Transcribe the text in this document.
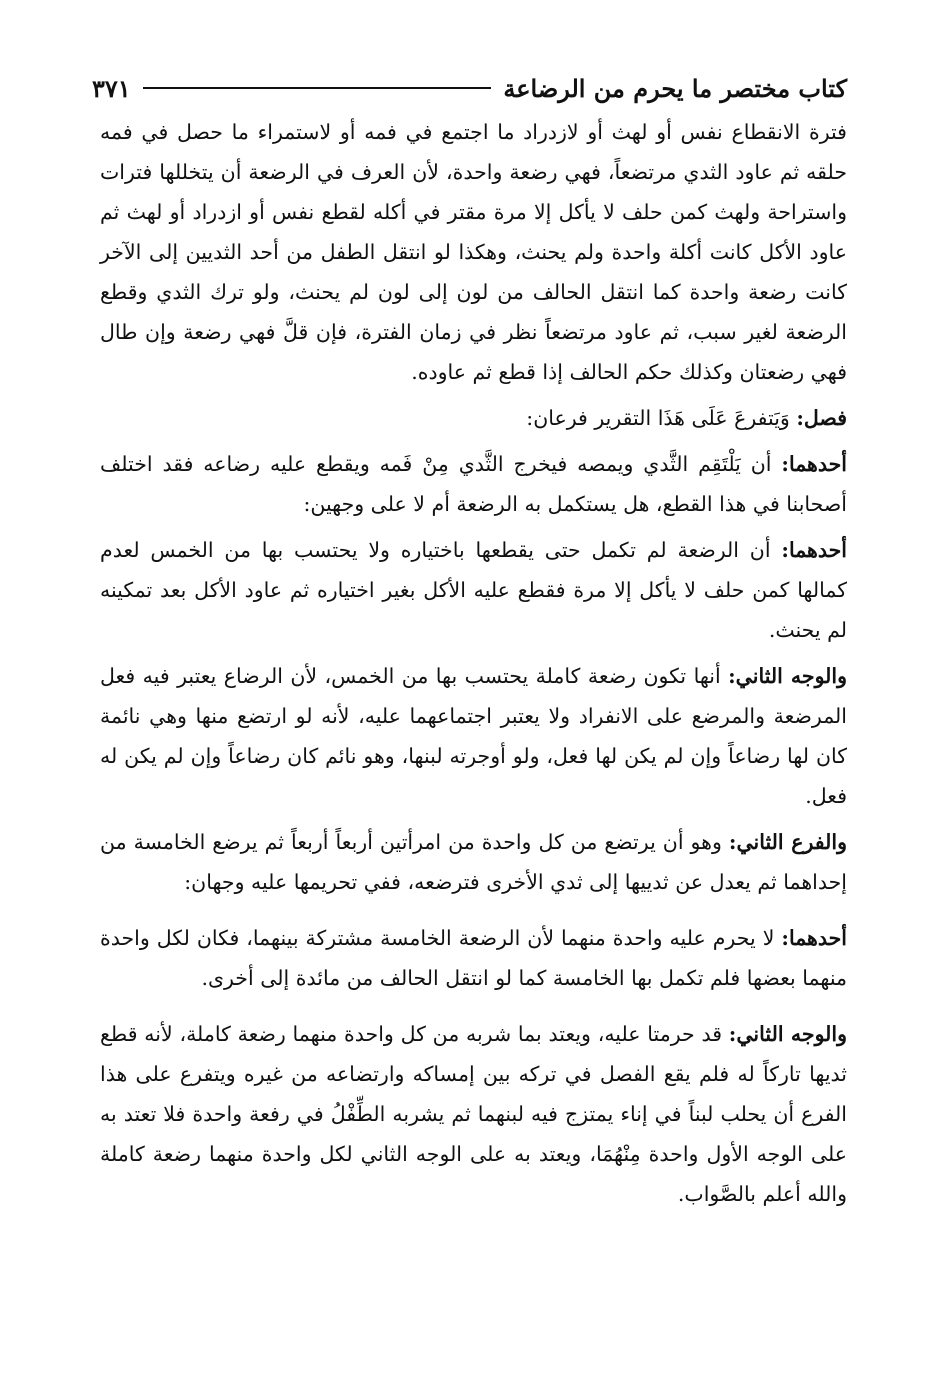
كتاب مختصر ما يحرم من الرضاعة
٣٧١

فترة الانقطاع نفس أو لهث أو لازدراد ما اجتمع في فمه أو لاستمراء ما حصل في فمه حلقه ثم عاود الثدي مرتضعاً، فهي رضعة واحدة، لأن العرف في الرضعة أن يتخللها فترات واستراحة ولهث كمن حلف لا يأكل إلا مرة مقتر في أكله لقطع نفس أو ازدراد أو لهث ثم عاود الأكل كانت أكلة واحدة ولم يحنث، وهكذا لو انتقل الطفل من أحد الثديين إلى الآخر كانت رضعة واحدة كما انتقل الحالف من لون إلى لون لم يحنث، ولو ترك الثدي وقطع الرضعة لغير سبب، ثم عاود مرتضعاً نظر في زمان الفترة، فإن قلَّ فهي رضعة وإن طال فهي رضعتان وكذلك حكم الحالف إذا قطع ثم عاوده.

فصل: وَيَتفرعَ عَلَى هَذَا التقرير فرعان:

أحدهما: أن يَلْتَقِم الثَّدي ويمصه فيخرج الثَّدي مِنْ فَمه ويقطع عليه رضاعه فقد اختلف أصحابنا في هذا القطع، هل يستكمل به الرضعة أم لا على وجهين:

أحدهما: أن الرضعة لم تكمل حتى يقطعها باختياره ولا يحتسب بها من الخمس لعدم كمالها كمن حلف لا يأكل إلا مرة فقطع عليه الأكل بغير اختياره ثم عاود الأكل بعد تمكينه لم يحنث.

والوجه الثاني: أنها تكون رضعة كاملة يحتسب بها من الخمس، لأن الرضاع يعتبر فيه فعل المرضعة والمرضع على الانفراد ولا يعتبر اجتماعهما عليه، لأنه لو ارتضع منها وهي نائمة كان لها رضاعاً وإن لم يكن لها فعل، ولو أوجرته لبنها، وهو نائم كان رضاعاً وإن لم يكن له فعل.

والفرع الثاني: وهو أن يرتضع من كل واحدة من امرأتين أربعاً أربعاً ثم يرضع الخامسة من إحداهما ثم يعدل عن ثدييها إلى ثدي الأخرى فترضعه، ففي تحريمها عليه وجهان:

أحدهما: لا يحرم عليه واحدة منهما لأن الرضعة الخامسة مشتركة بينهما، فكان لكل واحدة منهما بعضها فلم تكمل بها الخامسة كما لو انتقل الحالف من مائدة إلى أخرى.

والوجه الثاني: قد حرمتا عليه، ويعتد بما شربه من كل واحدة منهما رضعة كاملة، لأنه قطع ثديها تاركاً له فلم يقع الفصل في تركه بين إمساكه وارتضاعه من غيره ويتفرع على هذا الفرع أن يحلب لبناً في إناء يمتزج فيه لبنهما ثم يشربه الطِّفْلُ في رفعة واحدة فلا تعتد به على الوجه الأول واحدة مِنْهُمَا، ويعتد به على الوجه الثاني لكل واحدة منهما رضعة كاملة والله أعلم بالصَّواب.
